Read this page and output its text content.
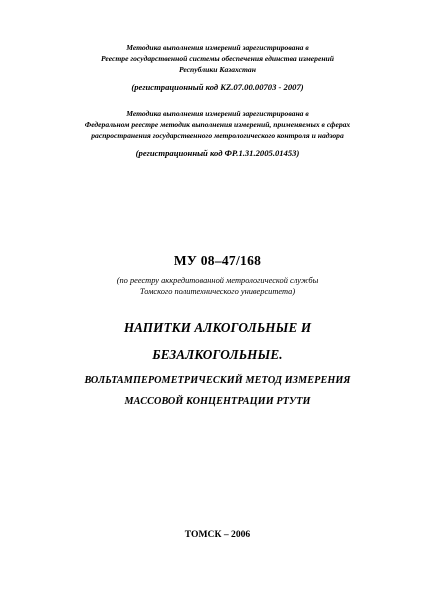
Методика выполнения измерений зарегистрирована в
Реестре государственной системы обеспечения единства измерений
Республики Казахстан
(регистрационный код KZ.07.00.00703 - 2007)
Методика выполнения измерений зарегистрирована в
Федеральном реестре методик выполнения измерений, применяемых в сферах
распространения государственного метрологического контроля и надзора
(регистрационный код ФР.1.31.2005.01453)
МУ 08–47/168
(по реестру аккредитованной метрологической службы
Томского политехнического университета)
НАПИТКИ АЛКОГОЛЬНЫЕ И
БЕЗАЛКОГОЛЬНЫЕ.
ВОЛЬТАМПЕРОМЕТРИЧЕСКИЙ МЕТОД ИЗМЕРЕНИЯ
МАССОВОЙ КОНЦЕНТРАЦИИ РТУТИ
ТОМСК – 2006
